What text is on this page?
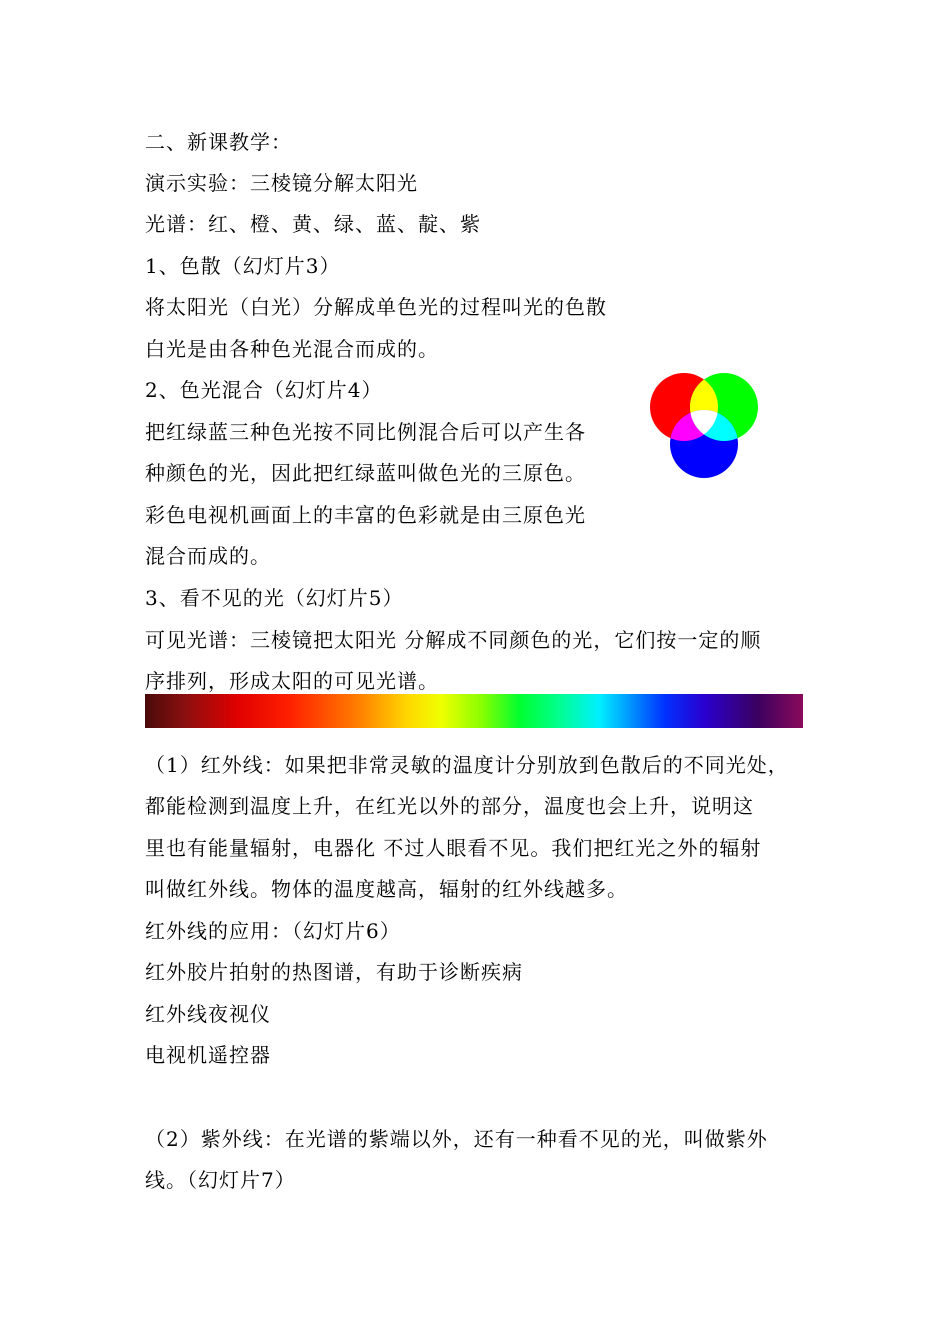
二、新课教学：
演示实验：三棱镜分解太阳光
光谱：红、橙、黄、绿、蓝、靛、紫
1、色散（幻灯片3）
将太阳光（白光）分解成单色光的过程叫光的色散
白光是由各种色光混合而成的。
2、色光混合（幻灯片4）
把红绿蓝三种色光按不同比例混合后可以产生各
种颜色的光，因此把红绿蓝叫做色光的三原色。
彩色电视机画面上的丰富的色彩就是由三原色光
混合而成的。
3、看不见的光（幻灯片5）
可见光谱：三棱镜把太阳光 分解成不同颜色的光，它们按一定的顺
序排列，形成太阳的可见光谱。
（1）红外线：如果把非常灵敏的温度计分别放到色散后的不同光处，
都能检测到温度上升，在红光以外的部分，温度也会上升，说明这
里也有能量辐射，电器化 不过人眼看不见。我们把红光之外的辐射
叫做红外线。物体的温度越高，辐射的红外线越多。
红外线的应用：（幻灯片6）
红外胶片拍射的热图谱，有助于诊断疾病
红外线夜视仪
电视机遥控器
（2）紫外线：在光谱的紫端以外，还有一种看不见的光，叫做紫外
线。（幻灯片7）
